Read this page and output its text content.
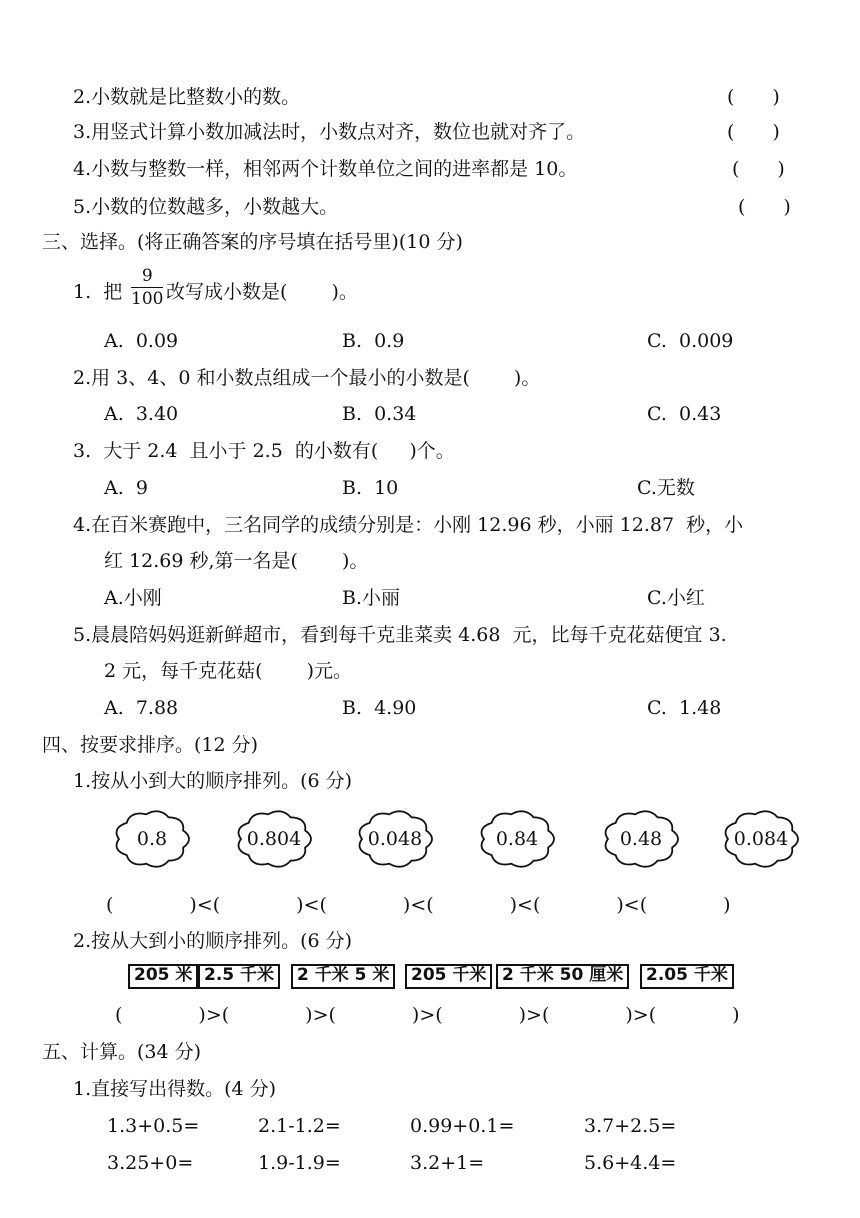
2.小数就是比整数小的数。	(　　)
3.用竖式计算小数加减法时，小数点对齐，数位也就对齐了。	(　　)
4.小数与整数一样，相邻两个计数单位之间的进率都是 10。	(　　)
5.小数的位数越多，小数越大。	(　　)
三、选择。(将正确答案的序号填在括号里)(10 分)
1.  把
9
100 改写成小数是(　　 )。
A.  0.09	B.  0.9	C.  0.009
2.用 3、4、0 和小数点组成一个最小的小数是(　　 )。
A.  3.40	B.  0.34	C.  0.43
3.  大于 2.4  且小于 2.5  的小数有(　  )个。
A.  9	B.  10	C.无数
4.在百米赛跑中，三名同学的成绩分别是：小刚 12.96 秒，小丽 12.87  秒，小
红 12.69 秒,第一名是(　　 )。
A.小刚	B.小丽	C.小红
5.晨晨陪妈妈逛新鲜超市，看到每千克韭菜卖 4.68  元，比每千克花菇便宜 3.
2 元，每千克花菇(　　 )元。
A.  7.88	B.  4.90	C.  1.48
四、按要求排序。(12 分)
1.按从小到大的顺序排列。(6 分)
0.8	0.804	0.048	0.84	0.48	0.084
(　　　　)<(　　　　)<(　　　　)<(　　　　)<(　　　　)<(　　　　)
2.按从大到小的顺序排列。(6 分)
205 米 2.5 千米	2 千米 5 米	205 千米 2 千米 50 厘米	2.05 千米
(　　　　)>(　　　　)>(　　　　)>(　　　　)>(　　　　)>(　　　　)
五、计算。(34 分)
1.直接写出得数。(4 分)
1.3+0.5=	2.1-1.2=	0.99+0.1=	3.7+2.5=
3.25+0=	1.9-1.9=	3.2+1=	5.6+4.4=
